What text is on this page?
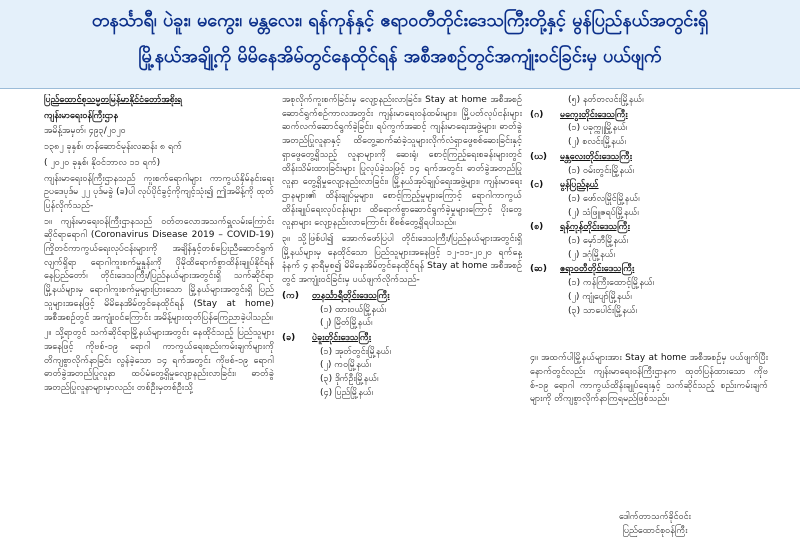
တနင်္သာရီ၊ ပဲခူး၊ မကွေး၊ မန္တလေး၊ ရန်ကုန်နှင့် ဧရာဝတီတိုင်းဒေသကြီးတို့နှင့် မွန်ပြည်နယ်အတွင်းရှိ
မြို့နယ်အချို့ကို မိမိနေအိမ်တွင်နေထိုင်ရန် အစီအစဉ်တွင်အကျုံးဝင်ခြင်းမှ ပယ်ဖျက်

ပြည်ထောင်စုသမ္မတမြန်မာနိုင်ငံတော်အစိုးရ

ကျန်းမာရေးဝန်ကြီးဌာန

အမိန့်အမှတ်၊ ၄၉၃/၂၀၂၀

၁၃၈၂ ခုနှစ်၊ တန်ဆောင်မုန်းလဆန်း ၈ ရက်

( ၂၀၂၀ ခုနှစ်၊ နိုဝင်ဘာလ ၁၁ ရက်)

ကျန်းမာရေးဝန်ကြီးဌာနသည် ကူးစက်ရောဂါများ ကာကွယ်နှိမ်နင်းရေး ဥပဒေပုဒ်မ ၂၂ ပုဒ်မခွဲ (ခ)ပါ လုပ်ပိုင်ခွင့်ကိုကျင့်သုံး၍ ဤအမိန့်ကို ထုတ်ပြန်လိုက်သည်-

၁။ ကျန်းမာရေးဝန်ကြီးဌာနသည် ဝတ်တလောအသက်ရှူလမ်းကြောင်းဆိုင်ရာရောဂါ (Coronavirus Disease 2019 – COVID-19) ကြိုတင်ကာကွယ်ရေးလုပ်ငန်းများကို အချိန်နှင့်တစ်ပြေးညီဆောင်ရွက်လျက်ရှိရာ ရောဂါကူးစက်မှုနှုန်းကို ပိုမိုထိရောက်စွာထိန်းချုပ်နိုင်ရန် နေပြည်တော်၊ တိုင်းဒေသကြီး/ပြည်နယ်များအတွင်းရှိ သက်ဆိုင်ရာ မြို့နယ်များမှ ရောဂါကူးစက်မှုများပြားသော မြို့နယ်များအတွင်းရှိ ပြည်သူများအနေဖြင့် မိမိနေအိမ်တွင်နေထိုင်ရန် (Stay at home) အစီအစဉ်တွင် အကျုံးဝင်ကြောင်း အမိန့်များထုတ်ပြန်ကြေညာခဲ့ပါသည်။

၂။ သို့ရာတွင် သက်ဆိုင်ရာမြို့နယ်များအတွင်း နေထိုင်သည့် ပြည်သူများအနေဖြင့် ကိုဗစ်-၁၉ ရောဂါ ကာကွယ်ရေးစည်းကမ်းချက်များကို တိကျစွာလိုက်နာခြင်း လွန်ခဲ့သော ၁၄ ရက်အတွင်း ကိုဗစ်-၁၉ ရောဂါ ဓာတ်ခွဲအတည်ပြုလူနာ ထပ်မံတွေ့ရှိမှုလျော့နည်းလာခြင်း၊ ဓာတ်ခွဲအတည်ပြုလူနာများမှာလည်း တစ်ဦးမှတစ်ဦးသို့

အစုလိုက်ကူးစက်ခြင်းမှ လျော့နည်းလာခြင်း၊ Stay at home အစီအစဉ်ဆောင်ရွက်စဉ်ကာလအတွင်း ကျန်းမာရေးဝန်ထမ်းများ၊ မြို့ပတ်လုပ်ငန်းများ ဆက်လက်ဆောင်ရွက်ခဲ့ခြင်း၊ ရပ်ကွက်အဆင့် ကျန်းမာရေးအဖွဲ့များ၊ ဓာတ်ခွဲအတည်ပြုလူနာနှင့် ထိတွေ့ဆက်ဆံခဲ့သူများလိုက်လံရှာဖွေစစ်ဆေးခြင်းနှင့် ရှာဖွေတွေ့ရှိသည့် လူနာများကို ဆေးရုံ၊ စောင့်ကြည့်ရေးစခန်းများတွင် ထိန်းသိမ်းထားခြင်းများ ပြုလုပ်ခဲ့သဖြင့် ၁၄ ရက်အတွင်း ဓာတ်ခွဲအတည်ပြုလူနာ တွေ့ရှိမှုလျော့နည်းလာခြင်း၊ မြို့နယ်အုပ်ချုပ်ရေးအဖွဲ့များ၊ ကျန်းမာရေးဌာနများ၏ ထိန်းချုပ်မှုများ၊ စောင့်ကြည့်မှုများကြောင့် ရောဂါကာကွယ်ထိန်းချုပ်ရေးလုပ်ငန်းများ ထိရောက်စွာဆောင်ရွက်ခဲ့မှုများကြောင့် ပိုးတွေ့လူနာများ လျော့နည်းလာကြောင်း စိစစ်တွေ့ရှိရပါသည်။

၃။ သို့ဖြစ်ပါ၍ အောက်ဖော်ပြပါ တိုင်းဒေသကြီး/ပြည်နယ်များအတွင်းရှိ မြို့နယ်များမှ နေထိုင်သော ပြည်သူများအနေဖြင့် ၁၂-၁၁-၂၀၂၀ ရက်နေ့ နံနက် ၄ နာရီမှစ၍ မိမိနေအိမ်တွင်နေထိုင်ရန် Stay at home အစီအစဉ်တွင် အကျုံးဝင်ခြင်းမှ ပယ်ဖျက်လိုက်သည်-

(က) တနင်္သာရီတိုင်းဒေသကြီး
(၁) ထားဝယ်မြို့နယ်၊
(၂) မြိတ်မြို့နယ်၊
(ခ) ပဲခူးတိုင်းဒေသကြီး
(၁) အုတ်တွင်းမြို့နယ်၊
(၂) ကဝမြို့နယ်၊
(၃) ဒိုက်ဦးမြို့နယ်၊
(၄) ပြည်မြို့နယ်၊
(၅) နတ်တလင်းမြို့နယ်၊
(ဂ) မကွေးတိုင်းဒေသကြီး
(၁) ပခုက္ကူမြို့နယ်၊
(၂) စလင်းမြို့နယ်၊
(ဃ) မန္တလေးတိုင်းဒေသကြီး
(၁) ဝမ်းတွင်းမြို့နယ်၊
(င) မွန်ပြည်နယ်
(၁) ဖော်လမြိုင်မြို့နယ်၊
(၂) သံဖြူဇရပ်မြို့နယ်၊
(စ) ရန်ကုန်တိုင်းဒေသကြီး
(၁) မှော်ဘီမြို့နယ်၊
(၂) ဒဂုံမြို့နယ်၊
(ဆ) ဧရာဝတီတိုင်းဒေသကြီး
(၁) ကန်ကြီးထောင့်မြို့နယ်၊
(၂) ကျုံပျော်မြို့နယ်၊
(၃) သာပေါင်းမြို့နယ်၊

၄။ အထက်ပါမြို့နယ်များအား Stay at home အစီအစဉ်မှ ပယ်ဖျက်ပြီးနောက်တွင်လည်း ကျန်းမာရေးဝန်ကြီးဌာနက ထုတ်ပြန်ထားသော ကိုဗစ်-၁၉ ရောဂါ ကာကွယ်ထိန်းချုပ်ရေးနှင့် သက်ဆိုင်သည့် စည်းကမ်းချက်များကို တိကျစွာလိုက်နာကြရမည်ဖြစ်သည်။

ဒေါက်တာသက်ခိုင်ဝင်း
ပြည်ထောင်စုဝန်ကြီး
